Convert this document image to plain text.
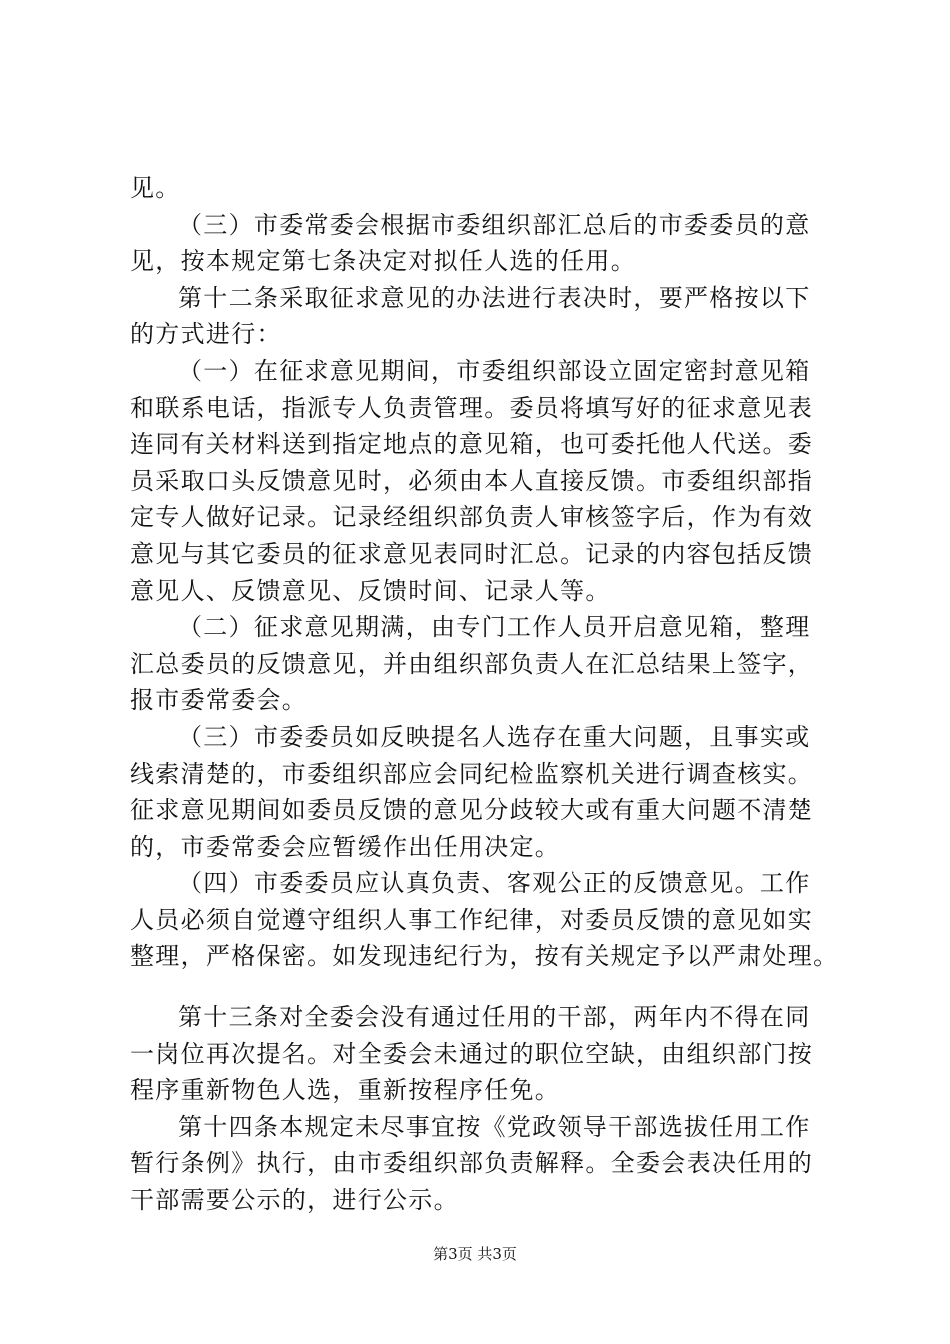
见。
（三）市委常委会根据市委组织部汇总后的市委委员的意
见，按本规定第七条决定对拟任人选的任用。
第十二条采取征求意见的办法进行表决时，要严格按以下
的方式进行：
（一）在征求意见期间，市委组织部设立固定密封意见箱
和联系电话，指派专人负责管理。委员将填写好的征求意见表
连同有关材料送到指定地点的意见箱，也可委托他人代送。委
员采取口头反馈意见时，必须由本人直接反馈。市委组织部指
定专人做好记录。记录经组织部负责人审核签字后，作为有效
意见与其它委员的征求意见表同时汇总。记录的内容包括反馈
意见人、反馈意见、反馈时间、记录人等。
（二）征求意见期满，由专门工作人员开启意见箱，整理
汇总委员的反馈意见，并由组织部负责人在汇总结果上签字，
报市委常委会。
（三）市委委员如反映提名人选存在重大问题，且事实或
线索清楚的，市委组织部应会同纪检监察机关进行调查核实。
征求意见期间如委员反馈的意见分歧较大或有重大问题不清楚
的，市委常委会应暂缓作出任用决定。
（四）市委委员应认真负责、客观公正的反馈意见。工作
人员必须自觉遵守组织人事工作纪律，对委员反馈的意见如实
整理，严格保密。如发现违纪行为，按有关规定予以严肃处理。
第十三条对全委会没有通过任用的干部，两年内不得在同
一岗位再次提名。对全委会未通过的职位空缺，由组织部门按
程序重新物色人选，重新按程序任免。
第十四条本规定未尽事宜按《党政领导干部选拔任用工作
暂行条例》执行，由市委组织部负责解释。全委会表决任用的
干部需要公示的，进行公示。
第3页 共3页
